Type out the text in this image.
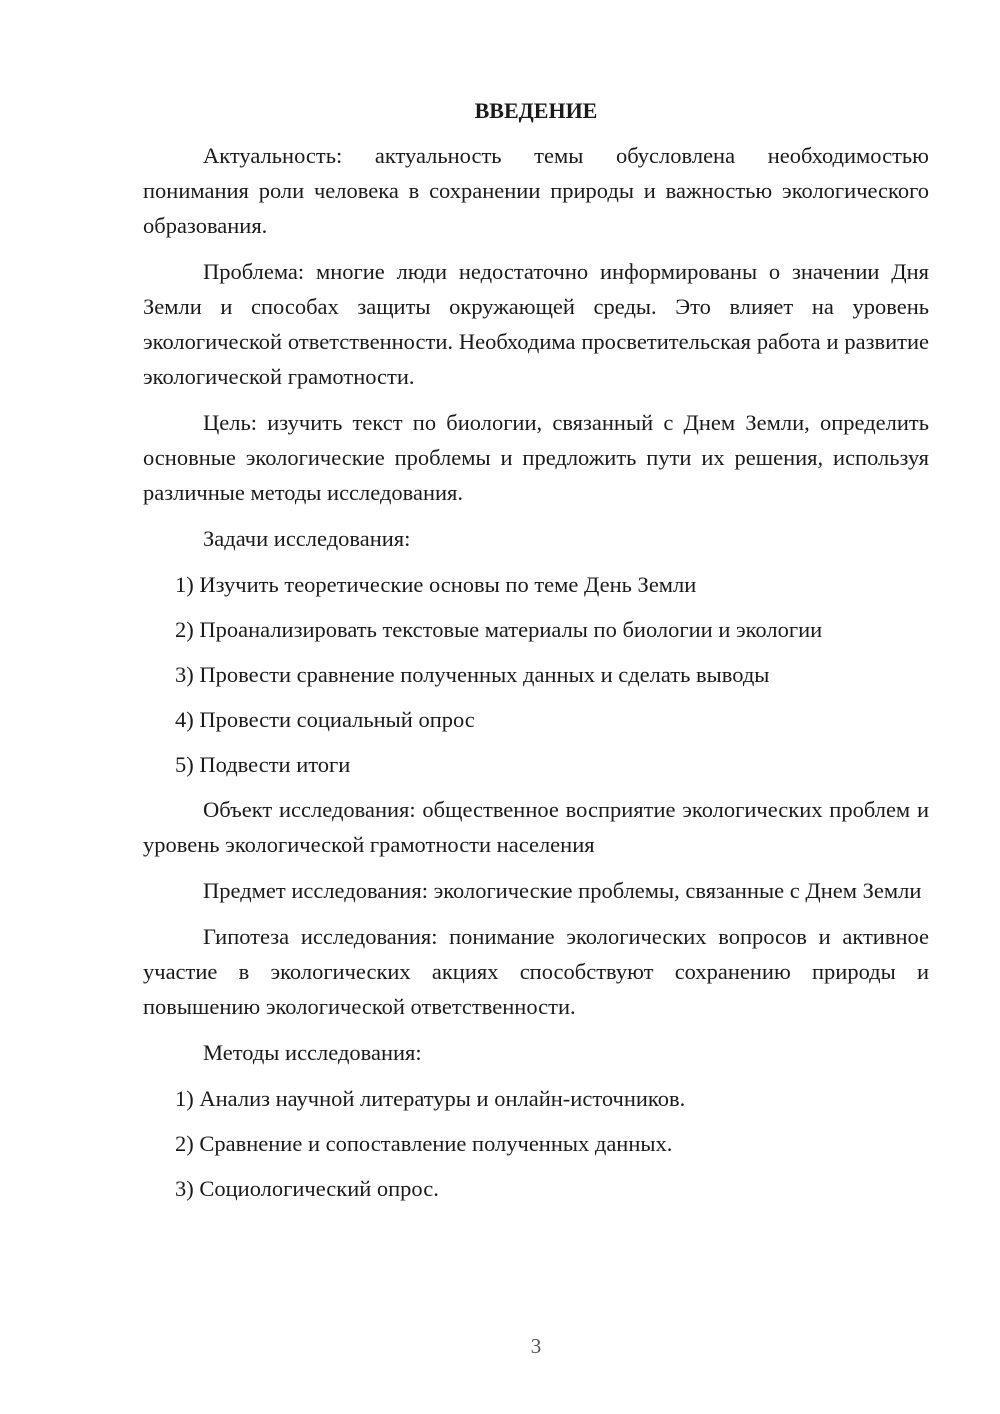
ВВЕДЕНИЕ

Актуальность: актуальность темы обусловлена необходимостью понимания роли человека в сохранении природы и важностью экологического образования.

Проблема: многие люди недостаточно информированы о значении Дня Земли и способах защиты окружающей среды. Это влияет на уровень экологической ответственности. Необходима просветительская работа и развитие экологической грамотности.

Цель: изучить текст по биологии, связанный с Днем Земли, определить основные экологические проблемы и предложить пути их решения, используя различные методы исследования.

Задачи исследования:

1) Изучить теоретические основы по теме День Земли
2) Проанализировать текстовые материалы по биологии и экологии
3) Провести сравнение полученных данных и сделать выводы
4) Провести социальный опрос
5) Подвести итоги

Объект исследования: общественное восприятие экологических проблем и уровень экологической грамотности населения

Предмет исследования: экологические проблемы, связанные с Днем Земли

Гипотеза исследования: понимание экологических вопросов и активное участие в экологических акциях способствуют сохранению природы и повышению экологической ответственности.

Методы исследования:

1) Анализ научной литературы и онлайн-источников.
2) Сравнение и сопоставление полученных данных.
3) Социологический опрос.
3
